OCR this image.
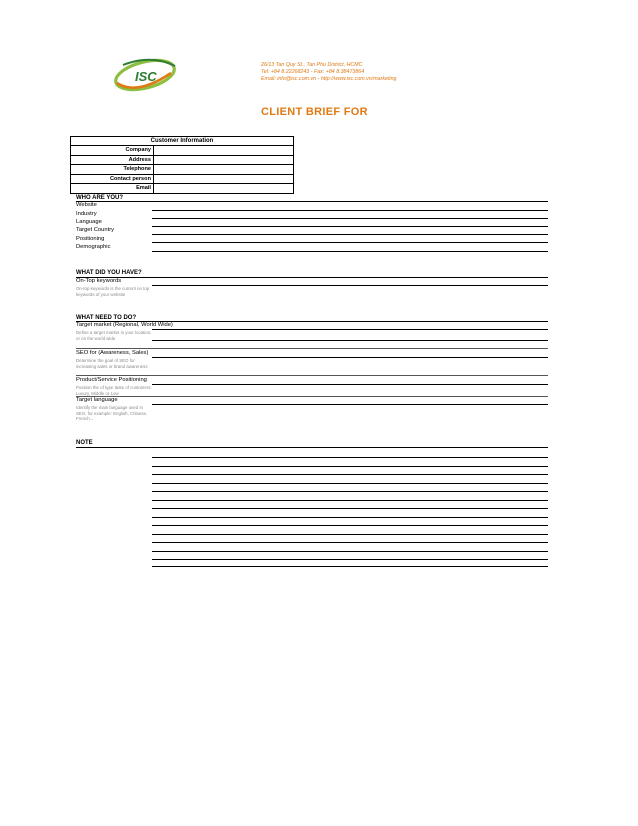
ISC
26/13 Tan Quy St., Tan Phu District, HCMC
Tel: +84 8.22268243 - Fax: +84 8.38473864
Email: info@isc.com.vn - http://www.isc.com.vn/marketing
CLIENT BRIEF FOR
Customer Information
Company
Address
Telephone
Contact person
Email
WHO ARE YOU?
Website
Industry
Language
Target Country
Positioning
Demographic
WHAT DID YOU HAVE?
On-Top keywords
On-top keywords is the current on top keywords of your website
WHAT NEED TO DO?
Target market (Regional, World Wide)
Define a target market in your location, or on the world wide
SEO for (Awareness, Sales)
Determine the goal of SEO for increasing sales or brand awareness
Product/Service Positioning
Position the of type taste of customers: Luxury, Middle or Low
Target language
Identify the main language used in SEO, for example: English, Chinese, French...
NOTE
